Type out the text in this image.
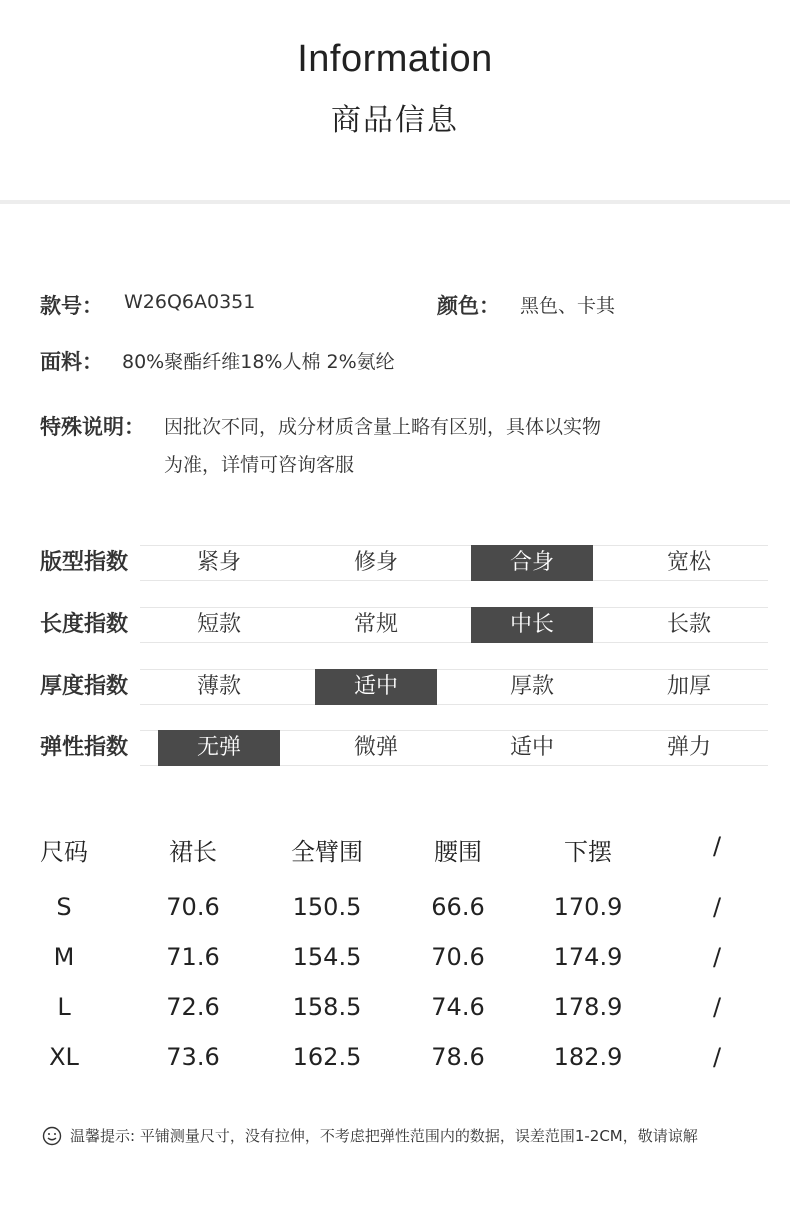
Information
商品信息
款号： W26Q6A0351	颜色： 黑色、卡其
面料： 80%聚酯纤维18%人棉 2%氨纶
特殊说明： 因批次不同，成分材质含量上略有区别，具体以实物
为准，详情可咨询客服
版型指数	紧身	修身	合身	宽松
长度指数	短款	常规	中长	长款
厚度指数	薄款	适中	厚款	加厚
弹性指数	无弹	微弹	适中	弹力
尺码	裙长	全臂围	腰围	下摆	/
S	70.6	150.5	66.6	170.9	/
M	71.6	154.5	70.6	174.9	/
L	72.6	158.5	74.6	178.9	/
XL	73.6	162.5	78.6	182.9	/
温馨提示: 平铺测量尺寸，没有拉伸，不考虑把弹性范围内的数据，误差范围1-2CM，敬请谅解
